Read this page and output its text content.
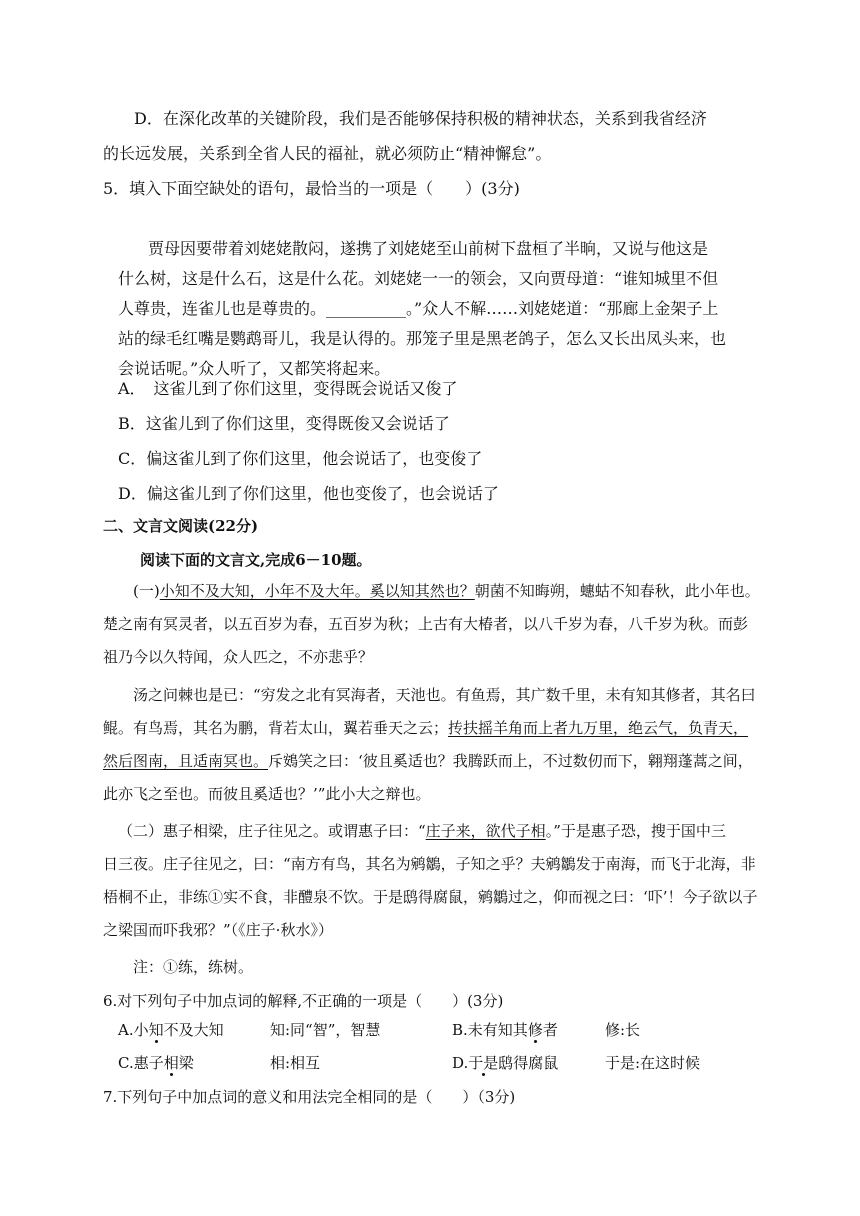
D．在深化改革的关键阶段，我们是否能够保持积极的精神状态，关系到我省经济
的长远发展，关系到全省人民的福祉，就必须防止“精神懈怠”。
5．填入下面空缺处的语句，最恰当的一项是（　　）(3分)
贾母因要带着刘姥姥散闷，遂携了刘姥姥至山前树下盘桓了半晌，又说与他这是
什么树，这是什么石，这是什么花。刘姥姥一一的领会，又向贾母道：“谁知城里不但
人尊贵，连雀儿也是尊贵的。__________。”众人不解……刘姥姥道：“那廊上金架子上
站的绿毛红嘴是鹦鹉哥儿，我是认得的。那笼子里是黑老鸽子，怎么又长出凤头来，也
会说话呢。”众人听了，又都笑将起来。
A．　这雀儿到了你们这里，变得既会说话又俊了
B．这雀儿到了你们这里，变得既俊又会说话了
C．偏这雀儿到了你们这里，他会说话了，也变俊了
D．偏这雀儿到了你们这里，他也变俊了，也会说话了
二、文言文阅读(22分)
阅读下面的文言文,完成6－10题。
(一)小知不及大知，小年不及大年。奚以知其然也？朝菌不知晦朔，蟪蛄不知春秋，此小年也。
楚之南有冥灵者，以五百岁为春，五百岁为秋；上古有大椿者，以八千岁为春，八千岁为秋。而彭
祖乃今以久特闻，众人匹之，不亦悲乎？
汤之问棘也是已：“穷发之北有冥海者，天池也。有鱼焉，其广数千里，未有知其修者，其名曰
鲲。有鸟焉，其名为鹏，背若太山，翼若垂天之云；抟扶摇羊角而上者九万里，绝云气，负青天，
然后图南，且适南冥也。斥鴳笑之曰：‘彼且奚适也？我腾跃而上，不过数仞而下，翱翔蓬蒿之间，
此亦飞之至也。而彼且奚适也？’”此小大之辩也。
（二）惠子相梁，庄子往见之。或谓惠子曰：“庄子来，欲代子相。”于是惠子恐，搜于国中三
日三夜。庄子往见之，曰：“南方有鸟，其名为鹓鶵，子知之乎？夫鹓鶵发于南海，而飞于北海，非
梧桐不止，非练①实不食，非醴泉不饮。于是鸱得腐鼠，鹓鶵过之，仰而视之曰：‘吓’！今子欲以子
之梁国而吓我邪？”（《庄子·秋水》）
注：①练，练树。
6.对下列句子中加点词的解释,不正确的一项是（　　）(3分)
A.小知不及大知	知:同“智”，智慧	B.未有知其修者	修:长
C.惠子相梁	相:相互	D.于是鸱得腐鼠	于是:在这时候
7.下列句子中加点词的意义和用法完全相同的是（　　）（3分)
